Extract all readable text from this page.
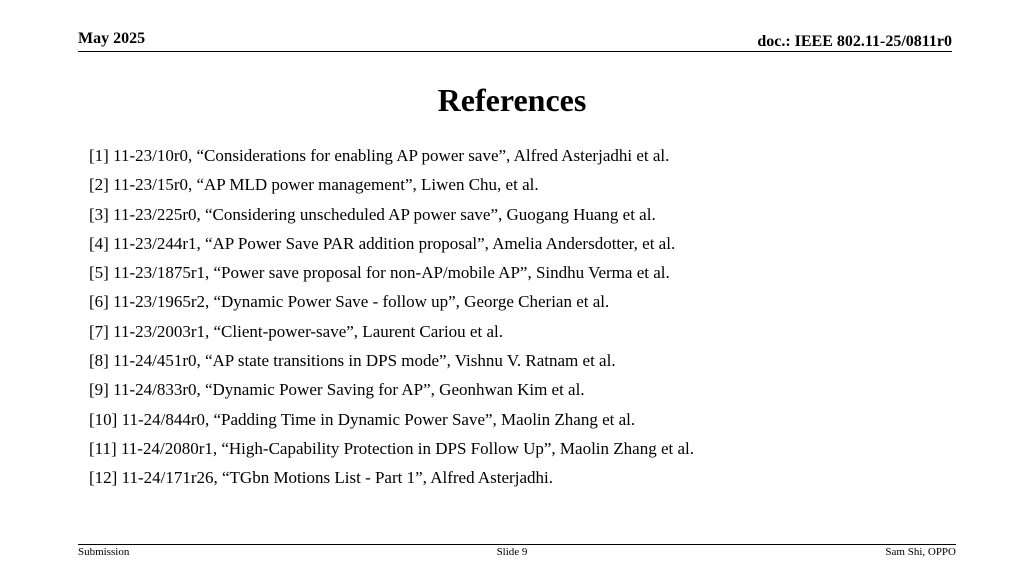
May 2025	doc.: IEEE 802.11-25/0811r0
References
[1] 11-23/10r0, “Considerations for enabling AP power save”, Alfred Asterjadhi et al.
[2] 11-23/15r0, “AP MLD power management”, Liwen Chu, et al.
[3] 11-23/225r0, “Considering unscheduled AP power save”, Guogang Huang et al.
[4] 11-23/244r1, “AP Power Save PAR addition proposal”, Amelia Andersdotter, et al.
[5] 11-23/1875r1, “Power save proposal for non-AP/mobile AP”, Sindhu Verma et al.
[6] 11-23/1965r2, “Dynamic Power Save - follow up”, George Cherian et al.
[7] 11-23/2003r1, “Client-power-save”, Laurent Cariou et al.
[8] 11-24/451r0, “AP state transitions in DPS mode”, Vishnu V. Ratnam et al.
[9] 11-24/833r0, “Dynamic Power Saving for AP”, Geonhwan Kim et al.
[10] 11-24/844r0, “Padding Time in Dynamic Power Save”, Maolin Zhang et al.
[11] 11-24/2080r1, “High-Capability Protection in DPS Follow Up”, Maolin Zhang et al.
[12] 11-24/171r26, “TGbn Motions List - Part 1”, Alfred Asterjadhi.
Submission	Slide 9	Sam Shi, OPPO
